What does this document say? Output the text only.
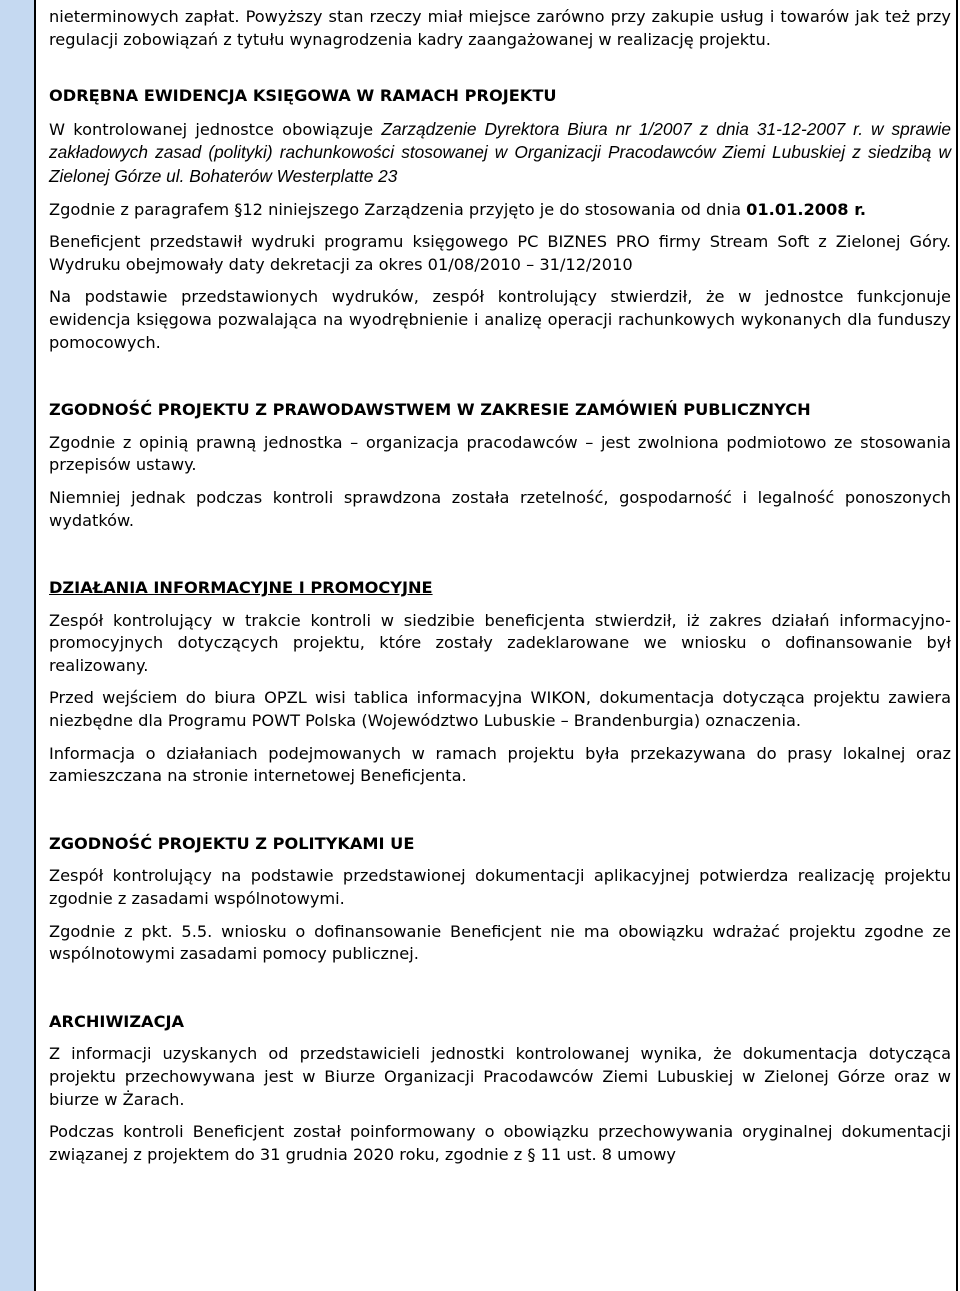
nieterminowych zapłat. Powyższy stan rzeczy miał miejsce zarówno przy zakupie usług i towarów jak też przy regulacji zobowiązań z tytułu wynagrodzenia kadry zaangażowanej w realizację projektu.

ODRĘBNA EWIDENCJA KSIĘGOWA W RAMACH PROJEKTU

W kontrolowanej jednostce obowiązuje Zarządzenie Dyrektora Biura nr 1/2007 z dnia 31-12-2007 r. w sprawie zakładowych zasad (polityki) rachunkowości stosowanej w Organizacji Pracodawców Ziemi Lubuskiej z siedzibą w Zielonej Górze ul. Bohaterów Westerplatte 23

Zgodnie z paragrafem §12 niniejszego Zarządzenia przyjęto je do stosowania od dnia 01.01.2008 r.

Beneficjent przedstawił wydruki programu księgowego PC BIZNES PRO firmy Stream Soft z Zielonej Góry. Wydruku obejmowały daty dekretacji za okres 01/08/2010 – 31/12/2010

Na podstawie przedstawionych wydruków, zespół kontrolujący stwierdził, że w jednostce funkcjonuje ewidencja księgowa pozwalająca na wyodrębnienie i analizę operacji rachunkowych wykonanych dla funduszy pomocowych.

ZGODNOŚĆ PROJEKTU Z PRAWODAWSTWEM W ZAKRESIE ZAMÓWIEŃ PUBLICZNYCH

Zgodnie z opinią prawną jednostka – organizacja pracodawców – jest zwolniona podmiotowo ze stosowania przepisów ustawy.

Niemniej jednak podczas kontroli sprawdzona została rzetelność, gospodarność i legalność ponoszonych wydatków.

DZIAŁANIA INFORMACYJNE I PROMOCYJNE

Zespół kontrolujący w trakcie kontroli w siedzibie beneficjenta stwierdził, iż zakres działań informacyjno-promocyjnych dotyczących projektu, które zostały zadeklarowane we wniosku o dofinansowanie był realizowany.

Przed wejściem do biura OPZL wisi tablica informacyjna WIKON, dokumentacja dotycząca projektu zawiera niezbędne dla Programu POWT Polska (Województwo Lubuskie – Brandenburgia) oznaczenia.

Informacja o działaniach podejmowanych w ramach projektu była przekazywana do prasy lokalnej oraz zamieszczana na stronie internetowej Beneficjenta.

ZGODNOŚĆ PROJEKTU Z POLITYKAMI UE

Zespół kontrolujący na podstawie przedstawionej dokumentacji aplikacyjnej potwierdza realizację projektu zgodnie z zasadami wspólnotowymi.

Zgodnie z pkt. 5.5. wniosku o dofinansowanie Beneficjent nie ma obowiązku wdrażać projektu zgodne ze wspólnotowymi zasadami pomocy publicznej.

ARCHIWIZACJA

Z informacji uzyskanych od przedstawicieli jednostki kontrolowanej wynika, że dokumentacja dotycząca projektu przechowywana jest w Biurze Organizacji Pracodawców Ziemi Lubuskiej w Zielonej Górze oraz w biurze w Żarach.

Podczas kontroli Beneficjent został poinformowany o obowiązku przechowywania oryginalnej dokumentacji związanej z projektem do 31 grudnia 2020 roku, zgodnie z § 11 ust. 8 umowy
